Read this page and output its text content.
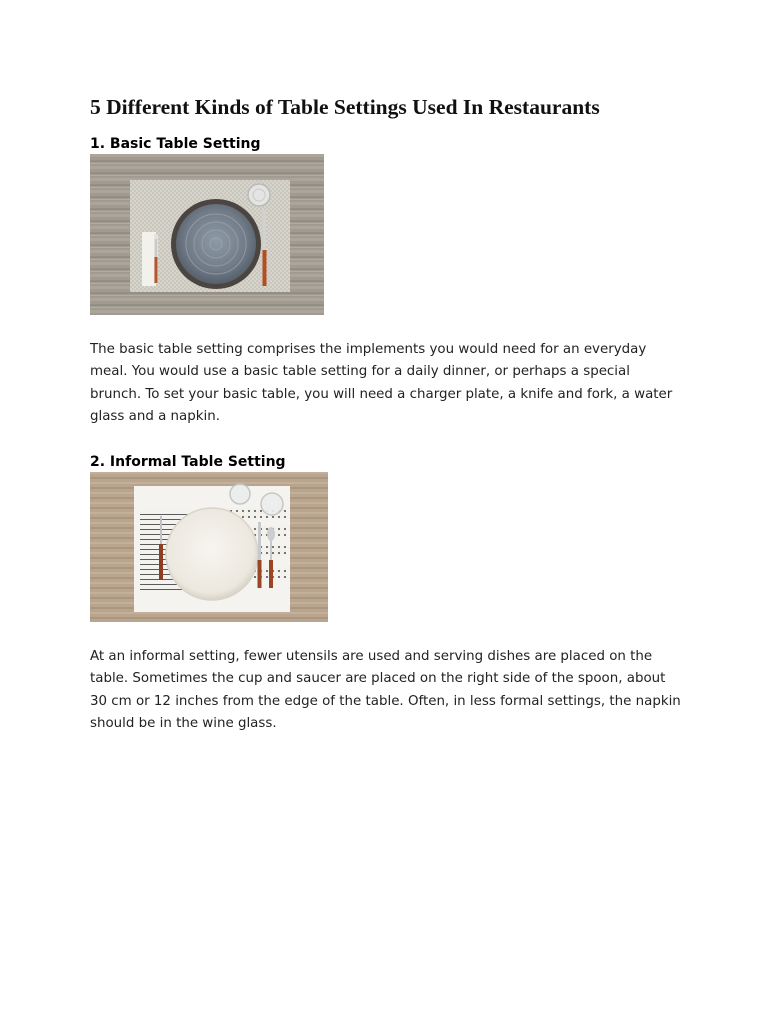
5 Different Kinds of Table Settings Used In Restaurants
1. Basic Table Setting

The basic table setting comprises the implements you would need for an everyday meal. You would use a basic table setting for a daily dinner, or perhaps a special brunch. To set your basic table, you will need a charger plate, a knife and fork, a water glass and a napkin.

2. Informal Table Setting

At an informal setting, fewer utensils are used and serving dishes are placed on the table. Sometimes the cup and saucer are placed on the right side of the spoon, about 30 cm or 12 inches from the edge of the table. Often, in less formal settings, the napkin should be in the wine glass.
